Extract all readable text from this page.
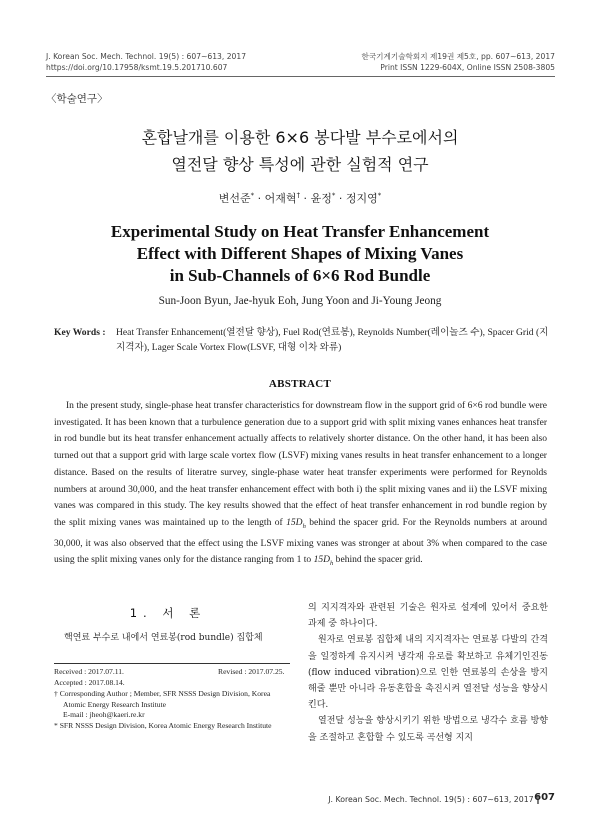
J. Korean Soc. Mech. Technol. 19(5) : 607~613, 2017
https://doi.org/10.17958/ksmt.19.5.201710.607
한국기계기술학회지 제19권 제5호, pp. 607~613, 2017
Print ISSN 1229-604X, Online ISSN 2508-3805
〈학술연구〉
혼합날개를 이용한 6×6 봉다발 부수로에서의
열전달 향상 특성에 관한 실험적 연구
변선준* · 어재혁† · 윤정* · 정지영*
Experimental Study on Heat Transfer Enhancement
Effect with Different Shapes of Mixing Vanes
in Sub-Channels of 6×6 Rod Bundle
Sun-Joon Byun, Jae-hyuk Eoh, Jung Yoon and Ji-Young Jeong
Key Words : Heat Transfer Enhancement(열전달 향상), Fuel Rod(연료봉), Reynolds Number(레이놀즈 수), Spacer Grid (지지격자), Lager Scale Vortex Flow(LSVF, 대형 이차 와류)
ABSTRACT
In the present study, single-phase heat transfer characteristics for downstream flow in the support grid of 6×6 rod bundle were investigated. It has been known that a turbulence generation due to a support grid with split mixing vanes enhances heat transfer in rod bundle but its heat transfer enhancement actually affects to relatively shorter distance. On the other hand, it has been also turned out that a support grid with large scale vortex flow (LSVF) mixing vanes results in heat transfer enhancement to a longer distance. Based on the results of literatre survey, single-phase water heat transfer experiments were performed for Reynolds numbers at around 30,000, and the heat transfer enhancement effect with both i) the split mixing vanes and ii) the LSVF mixing vanes was compared in this study. The key results showed that the effect of heat transfer enhancement in rod bundle region by the split mixing vanes was maintained up to the length of $15D_h$ behind the spacer grid. For the Reynolds numbers at around 30,000, it was also observed that the effect using the LSVF mixing vanes was stronger at about 3% when compared to the case using the split mixing vanes only for the distance ranging from 1 to $15D_h$ behind the spacer grid.
1. 서 론
핵연료 부수로 내에서 연료봉(rod bundle) 집합체
Received : 2017.07.11.	Revised : 2017.07.25.
Accepted : 2017.08.14.
† Corresponding Author ; Member, SFR NSSS Design Division, Korea Atomic Energy Research Institute
E-mail : jheoh@kaeri.re.kr
* SFR NSSS Design Division, Korea Atomic Energy Research Institute

의 지지격자와 관련된 기술은 원자로 설계에 있어서 중요한 과제 중 하나이다.

원자로 연료봉 집합체 내의 지지격자는 연료봉 다발의 간격을 일정하게 유지시켜 냉각재 유로를 확보하고 유체기인진동(flow induced vibration)으로 인한 연료봉의 손상을 방지해줄 뿐만 아니라 유동혼합을 촉진시켜 열전달 성능을 향상시킨다.

열전달 성능을 향상시키기 위한 방법으로 냉각수 흐름 방향을 조절하고 혼합할 수 있도록 곡선형 지지

J. Korean Soc. Mech. Technol. 19(5) : 607~613, 2017 ‖
607
